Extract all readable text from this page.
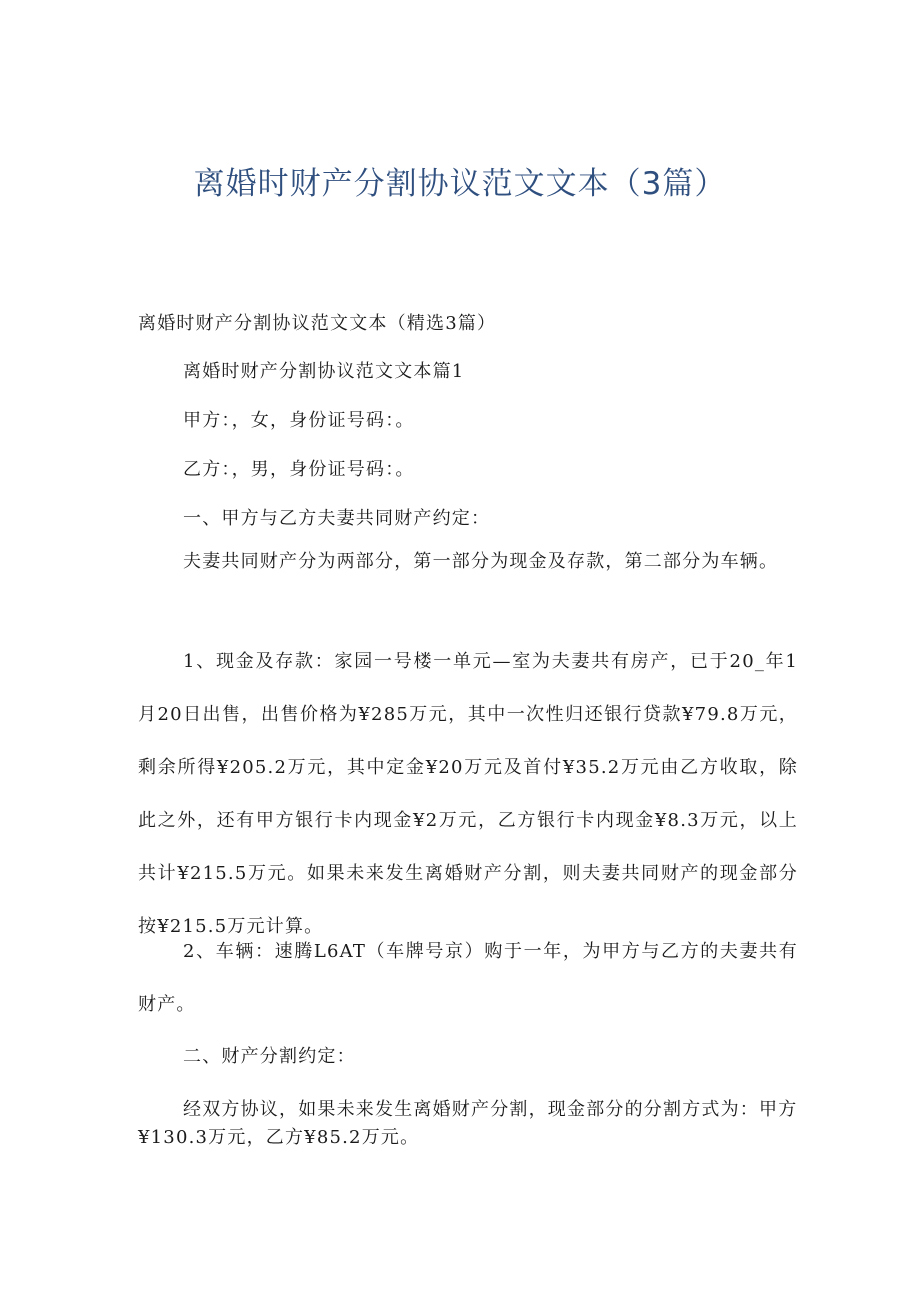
离婚时财产分割协议范文文本（3篇）

离婚时财产分割协议范文文本（精选3篇）

离婚时财产分割协议范文文本篇1

甲方：，女，身份证号码：。

乙方：，男，身份证号码：。

一、甲方与乙方夫妻共同财产约定：

夫妻共同财产分为两部分，第一部分为现金及存款，第二部分为车辆。

1、现金及存款：家园一号楼一单元—室为夫妻共有房产，已于20_年1月20日出售，出售价格为¥285万元，其中一次性归还银行贷款¥79.8万元，剩余所得¥205.2万元，其中定金¥20万元及首付¥35.2万元由乙方收取，除此之外，还有甲方银行卡内现金¥2万元，乙方银行卡内现金¥8.3万元，以上共计¥215.5万元。如果未来发生离婚财产分割，则夫妻共同财产的现金部分按¥215.5万元计算。

2、车辆：速腾L6AT（车牌号京）购于一年，为甲方与乙方的夫妻共有财产。

二、财产分割约定：

经双方协议，如果未来发生离婚财产分割，现金部分的分割方式为：甲方¥130.3万元，乙方¥85.2万元。
